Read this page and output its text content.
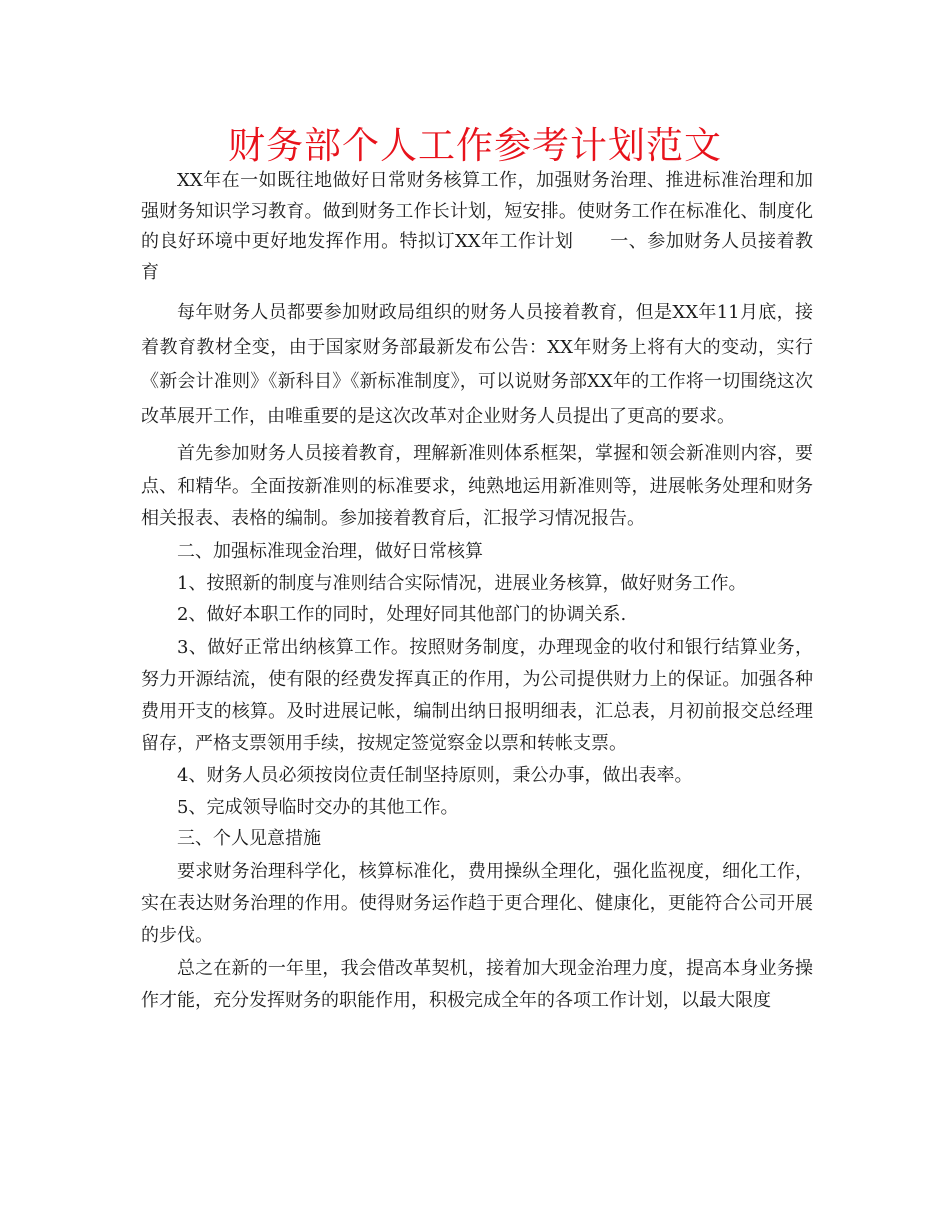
财务部个人工作参考计划范文

XX年在一如既往地做好日常财务核算工作，加强财务治理、推进标准治理和加强财务知识学习教育。做到财务工作长计划，短安排。使财务工作在标准化、制度化的良好环境中更好地发挥作用。特拟订XX年工作计划　　一、参加财务人员接着教育

每年财务人员都要参加财政局组织的财务人员接着教育，但是XX年11月底，接着教育教材全变，由于国家财务部最新发布公告：XX年财务上将有大的变动，实行《新会计准则》《新科目》《新标准制度》，可以说财务部XX年的工作将一切围绕这次改革展开工作，由唯重要的是这次改革对企业财务人员提出了更高的要求。

首先参加财务人员接着教育，理解新准则体系框架，掌握和领会新准则内容，要点、和精华。全面按新准则的标准要求，纯熟地运用新准则等，进展帐务处理和财务相关报表、表格的编制。参加接着教育后，汇报学习情况报告。

二、加强标准现金治理，做好日常核算

1、按照新的制度与准则结合实际情况，进展业务核算，做好财务工作。

2、做好本职工作的同时，处理好同其他部门的协调关系.

3、做好正常出纳核算工作。按照财务制度，办理现金的收付和银行结算业务，努力开源结流，使有限的经费发挥真正的作用，为公司提供财力上的保证。加强各种费用开支的核算。及时进展记帐，编制出纳日报明细表，汇总表，月初前报交总经理留存，严格支票领用手续，按规定签觉察金以票和转帐支票。

4、财务人员必须按岗位责任制坚持原则，秉公办事，做出表率。

5、完成领导临时交办的其他工作。

三、个人见意措施

要求财务治理科学化，核算标准化，费用操纵全理化，强化监视度，细化工作，实在表达财务治理的作用。使得财务运作趋于更合理化、健康化，更能符合公司开展的步伐。

总之在新的一年里，我会借改革契机，接着加大现金治理力度，提高本身业务操作才能，充分发挥财务的职能作用，积极完成全年的各项工作计划，以最大限度
